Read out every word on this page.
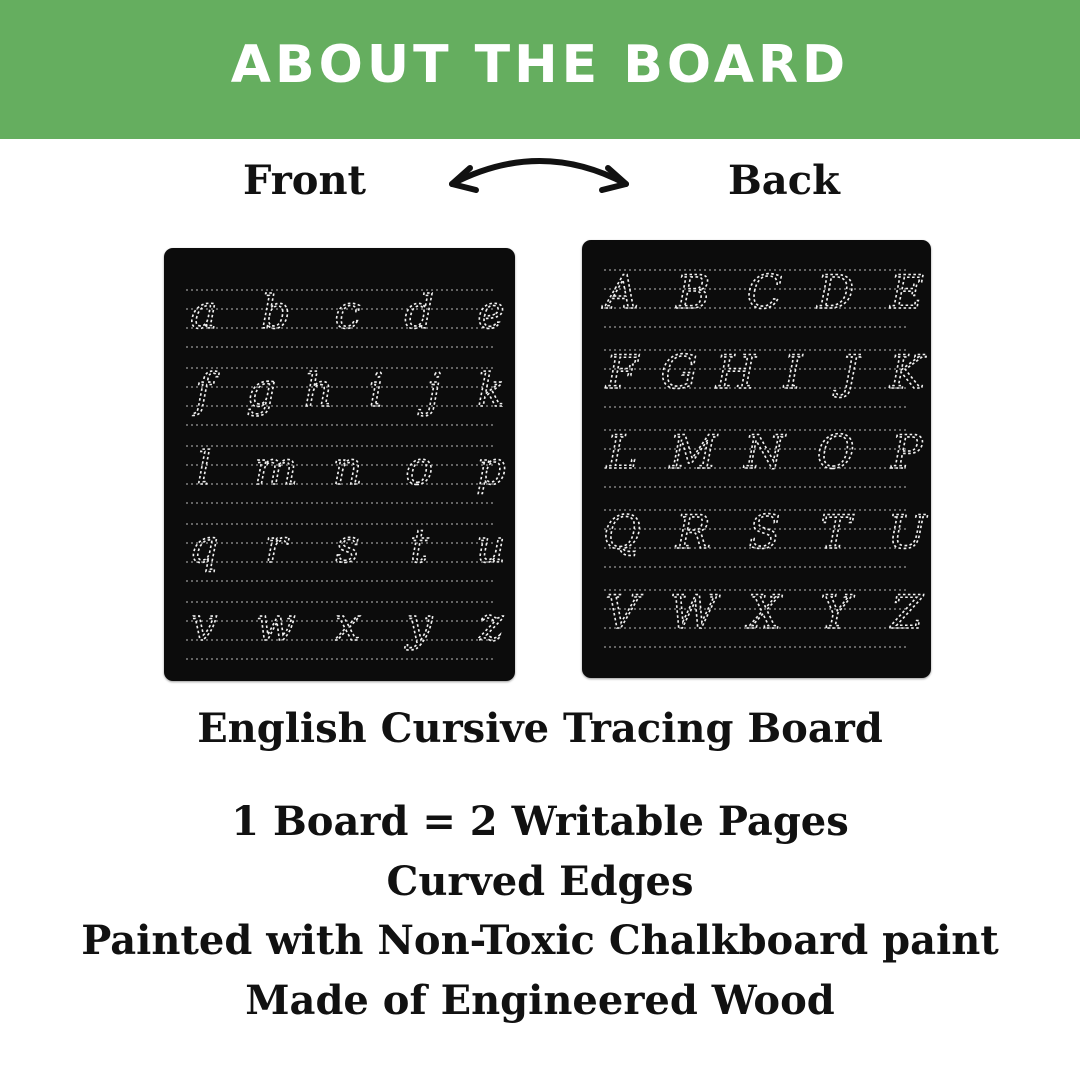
ABOUT THE BOARD
Front	Back
a b c d e
f g h i j k
l m n o p
q r s t u
v w x y z
A B C D E
F G H I J K
L M N O P
Q R S T U
V W X Y Z
English Cursive Tracing Board
1 Board = 2 Writable Pages
Curved Edges
Painted with Non-Toxic Chalkboard paint
Made of Engineered Wood
